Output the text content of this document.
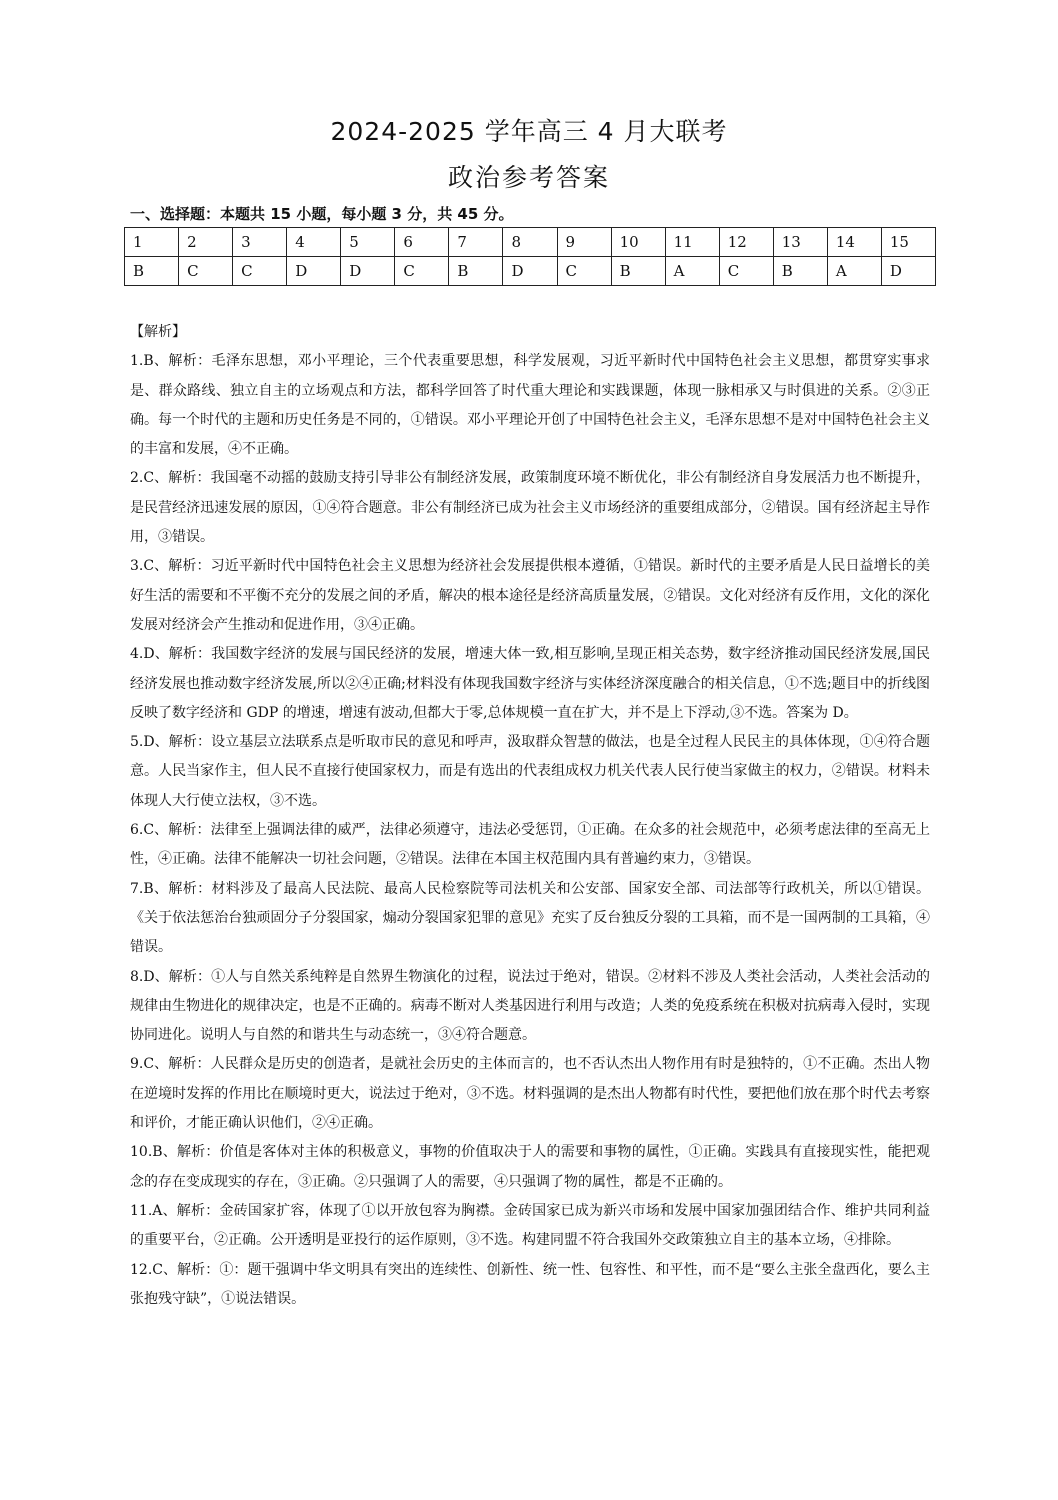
2024-2025 学年高三 4 月大联考
政治参考答案
一、选择题：本题共 15 小题，每小题 3 分，共 45 分。
1	2	3	4	5	6	7	8	9	10	11	12	13	14	15
B	C	C	D	D	C	B	D	C	B	A	C	B	A	D

【解析】

1.B、解析：毛泽东思想，邓小平理论，三个代表重要思想，科学发展观，习近平新时代中国特色社会主义思想，都贯穿实事求是、群众路线、独立自主的立场观点和方法，都科学回答了时代重大理论和实践课题，体现一脉相承又与时俱进的关系。②③正确。每一个时代的主题和历史任务是不同的，①错误。邓小平理论开创了中国特色社会主义，毛泽东思想不是对中国特色社会主义的丰富和发展，④不正确。

2.C、解析：我国毫不动摇的鼓励支持引导非公有制经济发展，政策制度环境不断优化，非公有制经济自身发展活力也不断提升，是民营经济迅速发展的原因，①④符合题意。非公有制经济已成为社会主义市场经济的重要组成部分，②错误。国有经济起主导作用，③错误。

3.C、解析：习近平新时代中国特色社会主义思想为经济社会发展提供根本遵循，①错误。新时代的主要矛盾是人民日益增长的美好生活的需要和不平衡不充分的发展之间的矛盾，解决的根本途径是经济高质量发展，②错误。文化对经济有反作用，文化的深化发展对经济会产生推动和促进作用，③④正确。

4.D、解析：我国数字经济的发展与国民经济的发展，增速大体一致,相互影响,呈现正相关态势，数字经济推动国民经济发展,国民经济发展也推动数字经济发展,所以②④正确;材料没有体现我国数字经济与实体经济深度融合的相关信息，①不选;题目中的折线图反映了数字经济和 GDP 的增速，增速有波动,但都大于零,总体规模一直在扩大，并不是上下浮动,③不选。答案为 D。

5.D、解析：设立基层立法联系点是听取市民的意见和呼声，汲取群众智慧的做法，也是全过程人民民主的具体体现，①④符合题意。人民当家作主，但人民不直接行使国家权力，而是有选出的代表组成权力机关代表人民行使当家做主的权力，②错误。材料未体现人大行使立法权，③不选。

6.C、解析：法律至上强调法律的威严，法律必须遵守，违法必受惩罚，①正确。在众多的社会规范中，必须考虑法律的至高无上性，④正确。法律不能解决一切社会问题，②错误。法律在本国主权范围内具有普遍约束力，③错误。

7.B、解析：材料涉及了最高人民法院、最高人民检察院等司法机关和公安部、国家安全部、司法部等行政机关，所以①错误。《关于依法惩治台独顽固分子分裂国家，煽动分裂国家犯罪的意见》充实了反台独反分裂的工具箱，而不是一国两制的工具箱，④错误。

8.D、解析：①人与自然关系纯粹是自然界生物演化的过程，说法过于绝对，错误。②材料不涉及人类社会活动，人类社会活动的规律由生物进化的规律决定，也是不正确的。病毒不断对人类基因进行利用与改造；人类的免疫系统在积极对抗病毒入侵时，实现协同进化。说明人与自然的和谐共生与动态统一，③④符合题意。

9.C、解析：人民群众是历史的创造者，是就社会历史的主体而言的，也不否认杰出人物作用有时是独特的，①不正确。杰出人物在逆境时发挥的作用比在顺境时更大，说法过于绝对，③不选。材料强调的是杰出人物都有时代性，要把他们放在那个时代去考察和评价，才能正确认识他们，②④正确。

10.B、解析：价值是客体对主体的积极意义，事物的价值取决于人的需要和事物的属性，①正确。实践具有直接现实性，能把观念的存在变成现实的存在，③正确。②只强调了人的需要，④只强调了物的属性，都是不正确的。

11.A、解析：金砖国家扩容，体现了①以开放包容为胸襟。金砖国家已成为新兴市场和发展中国家加强团结合作、维护共同利益的重要平台，②正确。公开透明是亚投行的运作原则，③不选。构建同盟不符合我国外交政策独立自主的基本立场，④排除。

12.C、解析：①：题干强调中华文明具有突出的连续性、创新性、统一性、包容性、和平性，而不是“要么主张全盘西化，要么主张抱残守缺”，①说法错误。
